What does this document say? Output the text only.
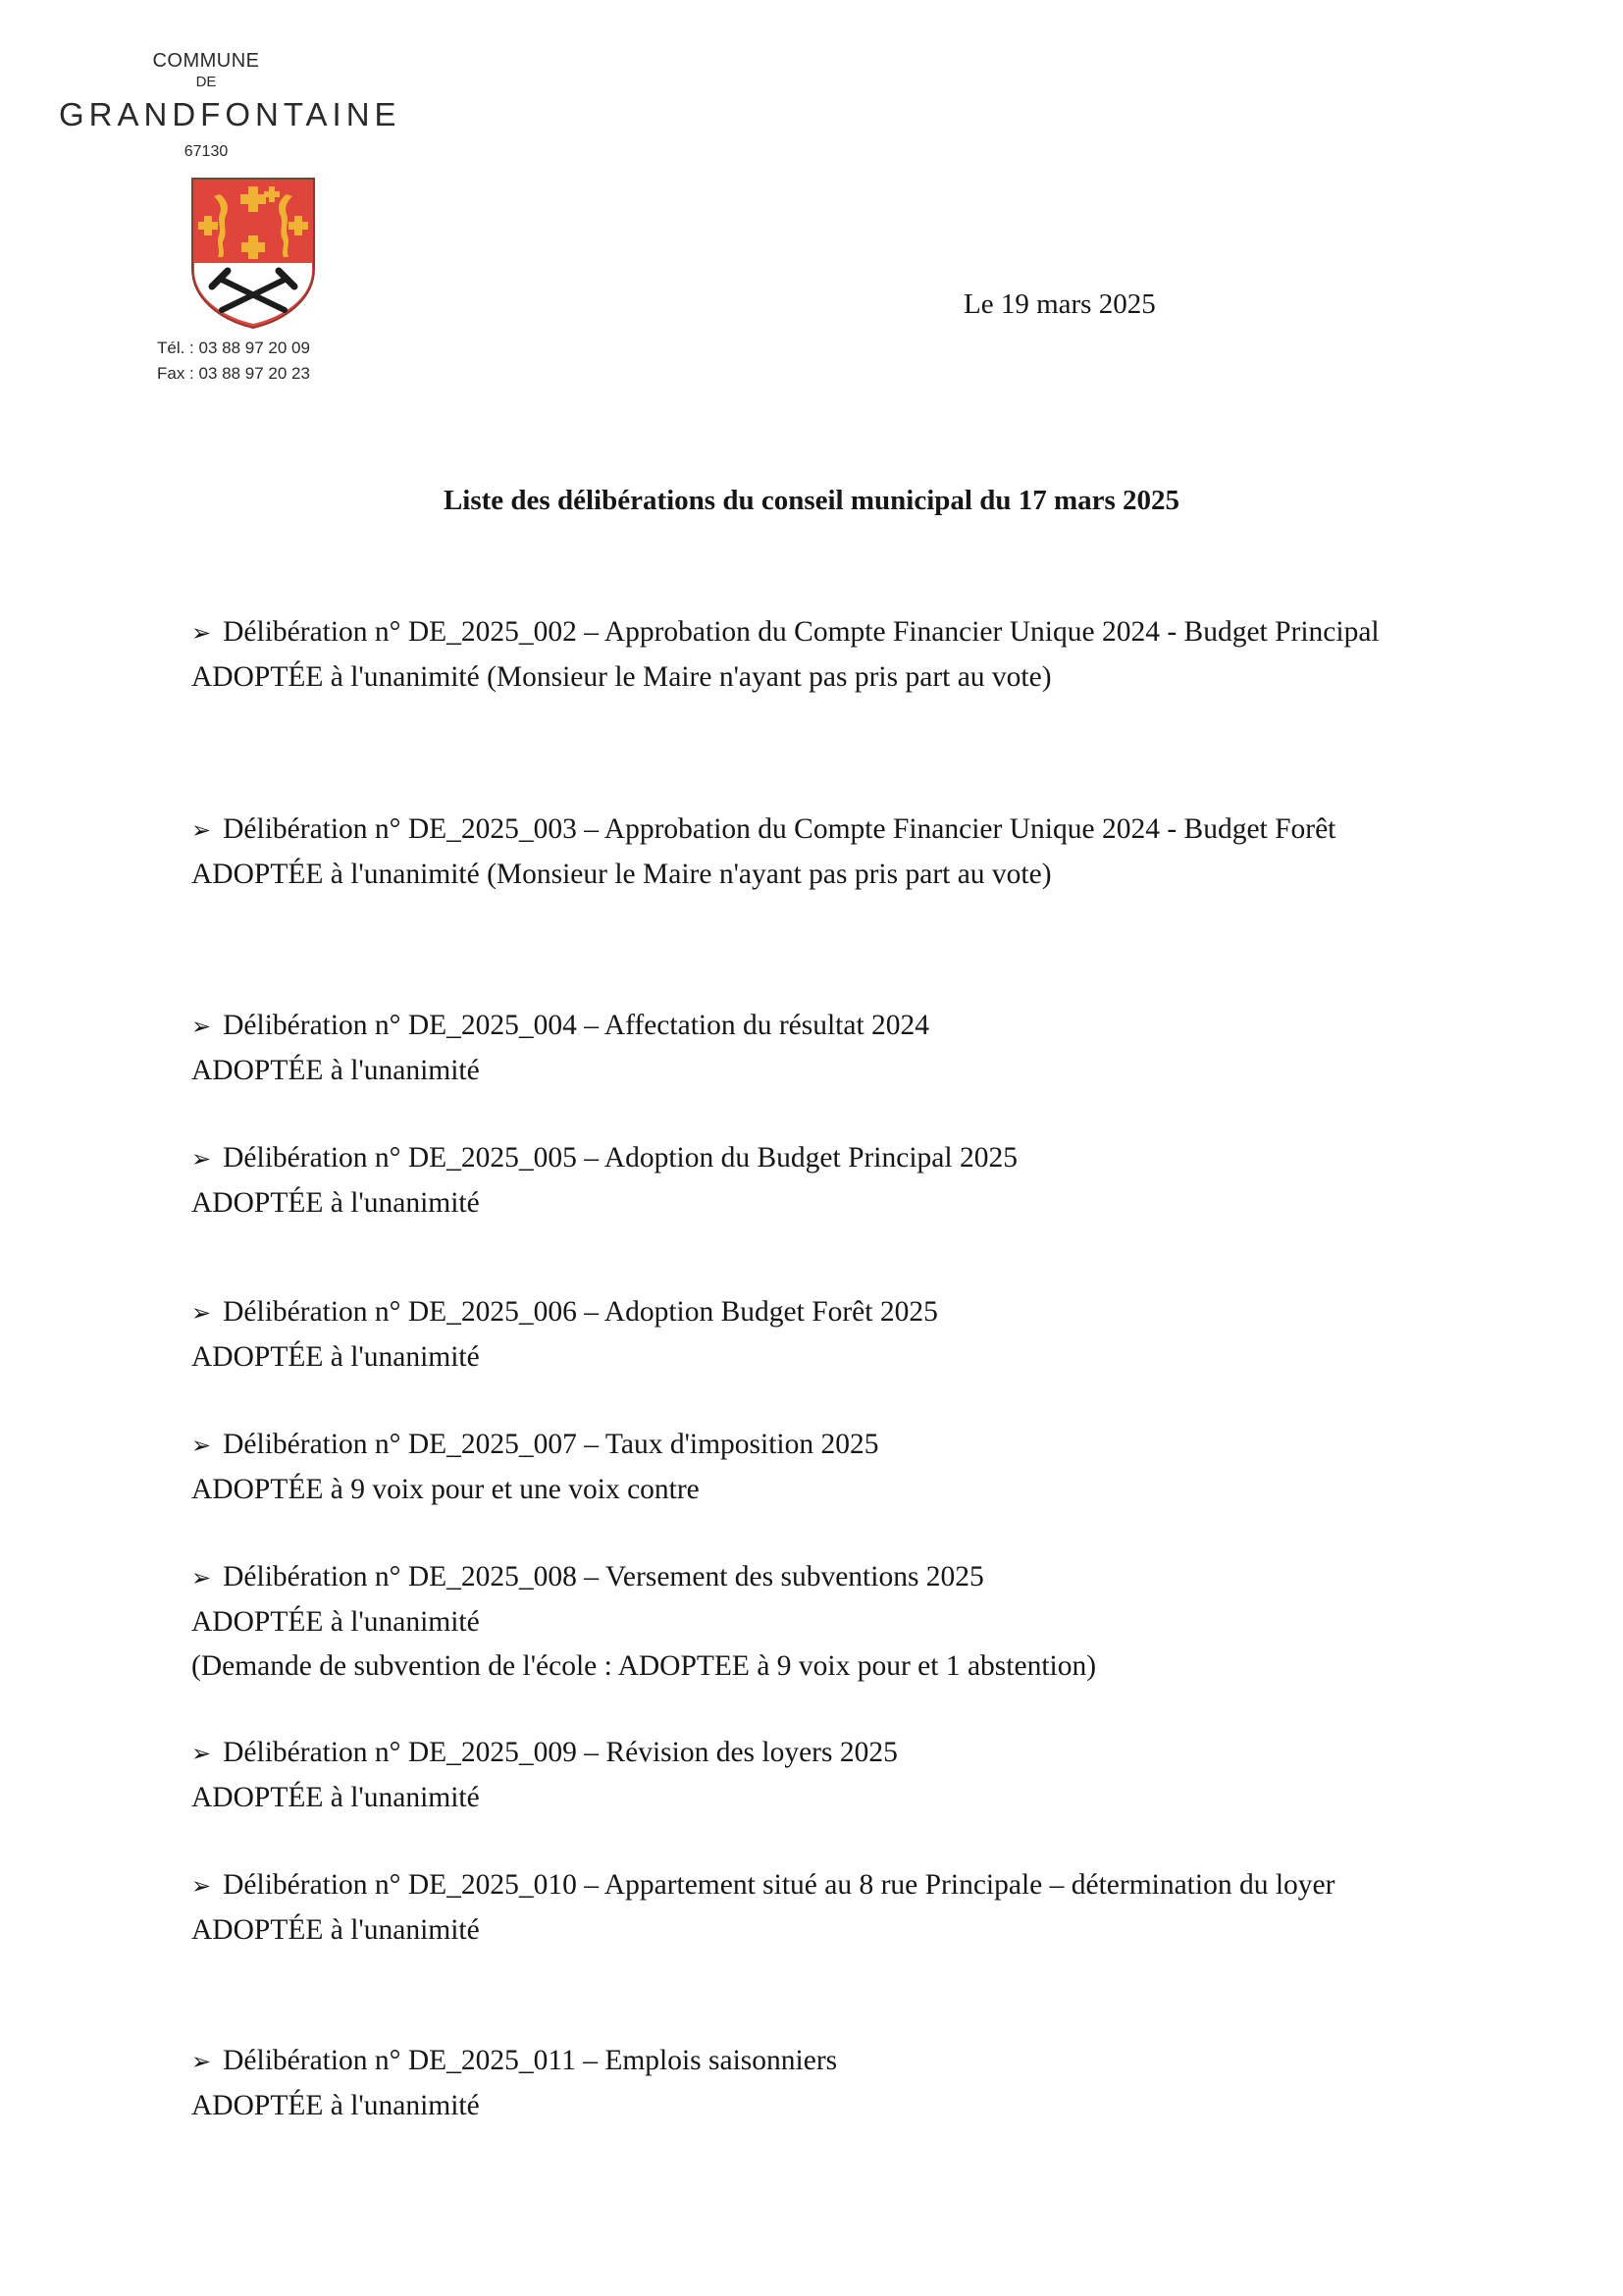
COMMUNE
DE
GRANDFONTAINE
67130
Tél. : 03 88 97 20 09
Fax : 03 88 97 20 23
Le 19 mars 2025
Liste des délibérations du conseil municipal du 17 mars 2025

➢ Délibération n° DE_2025_002 – Approbation du Compte Financier Unique 2024 - Budget Principal

ADOPTÉE à l'unanimité (Monsieur le Maire n'ayant pas pris part au vote)

➢ Délibération n° DE_2025_003 – Approbation du Compte Financier Unique 2024 - Budget Forêt

ADOPTÉE à l'unanimité (Monsieur le Maire n'ayant pas pris part au vote)

➢ Délibération n° DE_2025_004 – Affectation du résultat 2024

ADOPTÉE à l'unanimité

➢ Délibération n° DE_2025_005 – Adoption du Budget Principal 2025

ADOPTÉE à l'unanimité

➢ Délibération n° DE_2025_006 – Adoption Budget Forêt 2025

ADOPTÉE à l'unanimité

➢ Délibération n° DE_2025_007 – Taux d'imposition 2025

ADOPTÉE à 9 voix pour et une voix contre

➢ Délibération n° DE_2025_008 – Versement des subventions 2025

ADOPTÉE à l'unanimité

(Demande de subvention de l'école : ADOPTEE à 9 voix pour et 1 abstention)

➢ Délibération n° DE_2025_009 – Révision des loyers 2025

ADOPTÉE à l'unanimité

➢ Délibération n° DE_2025_010 – Appartement situé au 8 rue Principale – détermination du loyer

ADOPTÉE à l'unanimité

➢ Délibération n° DE_2025_011 – Emplois saisonniers

ADOPTÉE à l'unanimité
